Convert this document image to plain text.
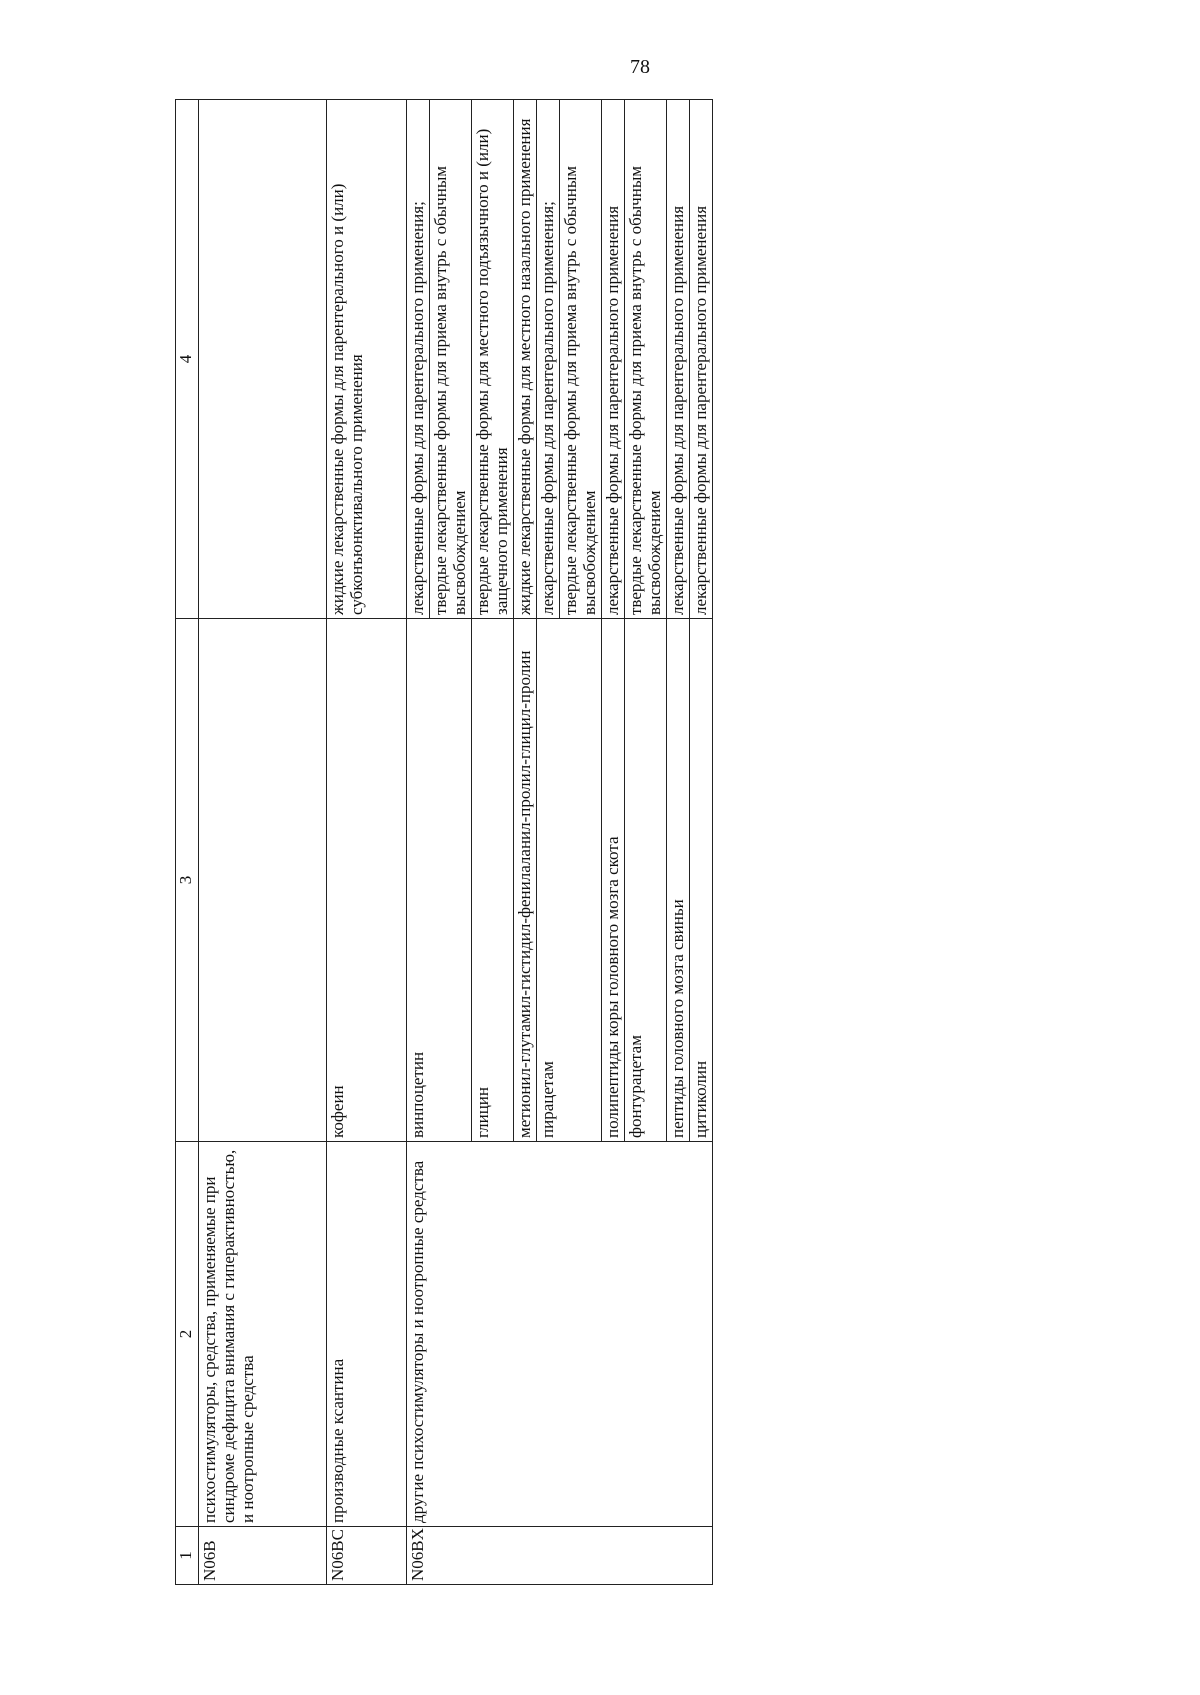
78
1	2	3	4
N06B	психостимуляторы, средства, применяемые при синдроме дефицита внимания с гиперактивностью, и ноотропные средства		
N06BC	производные ксантина	кофеин	жидкие лекарственные формы для парентерального и (или) субконъюнктивального применения
N06BX	другие психостимуляторы и ноотропные средства	винпоцетин	лекарственные формы для парентерального применения;

			твердые лекарственные формы для приема внутрь с обычным высвобождением
		глицин	твердые лекарственные формы для местного подъязычного и (или) защечного применения
		метионил-глутамил-гистидил-фенилаланил-пролил-глицил-пролин	жидкие лекарственные формы для местного назального применения
		пирацетам	лекарственные формы для парентерального применения;
			твердые лекарственные формы для приема внутрь с обычным высвобождением
		полипептиды коры головного мозга скота	лекарственные формы для парентерального применения
		фонтурацетам	твердые лекарственные формы для приема внутрь с обычным высвобождением
		пептиды головного мозга свиньи	лекарственные формы для парентерального применения
		цитиколин	лекарственные формы для парентерального применения
